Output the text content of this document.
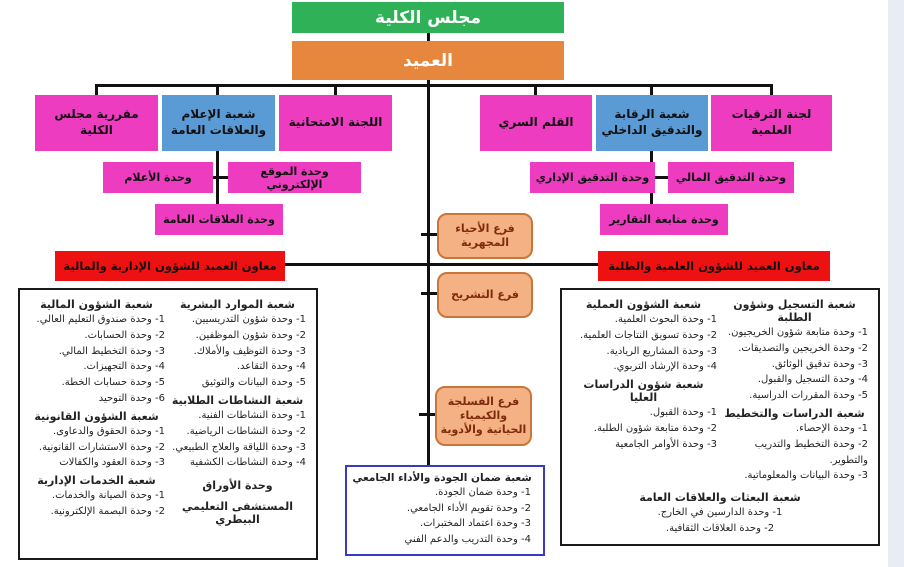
مجلس الكلية
العميد
مقررية مجلس الكلية
شعبة الإعلام والعلاقات العامة
اللجنة الامتحانية	القلم السري
شعبة الرقابة والتدقيق الداخلي
لجنة الترقيات العلمية
وحدة الأعلام	وحدة الموقع الإلكتروني
وحدة العلاقات العامة
وحدة التدقيق المالي
وحدة التدقيق الإداري
وحدة متابعة التقارير
معاون العميد للشؤون الإدارية والمالية	معاون العميد للشؤون العلمية والطلبة
فرع الأحياء المجهرية
فرع التشريح
فرع الفسلجة والكيمياء الحياتية والأدوية
شعبة الموارد البشرية
1- وحدة شؤون التدريسيين.
2- وحدة شؤون الموظفين.
3- وحدة التوظيف والأملاك.
4- وحدة التقاعد.
5- وحدة البيانات والتوثيق
شعبة النشاطات الطلابية
1- وحدة النشاطات الفنية.
2- وحدة النشاطات الرياضية.
3- وحدة اللياقة والعلاج الطبيعي.
4- وحدة النشاطات الكشفية
وحدة الأوراق
المستشفى التعليمي البيطري
شعبة الشؤون المالية
1- وحدة صندوق التعليم العالي.
2- وحدة الحسابات.
3- وحدة التخطيط المالي.
4- وحدة التجهيزات.
5- وحدة حسابات الخطة.
6- وحدة التوحيد
شعبة الشؤون القانونية
1- وحدة الحقوق والدعاوى.
2- وحدة الاستشارات القانونية.
3- وحدة العقود والكفالات
شعبة الخدمات الإدارية
1- وحدة الصيانة والخدمات.
2- وحدة البصمة الإلكترونية.
شعبة التسجيل وشؤون الطلبة
1- وحدة متابعة شؤون الخريجيون.
2- وحدة الخريجين والتصديقات.
3- وحدة تدقيق الوثائق.
4- وحدة التسجيل والقبول.
5- وحدة المقررات الدراسية.
شعبة الدراسات والتخطيط
1- وحدة الإحصاء.
2- وحدة التخطيط والتدريب والتطوير.
3- وحدة البيانات والمعلوماتية.
شعبة الشؤون العملية
1- وحدة البحوث العلمية.
2- وحدة تسويق النتاجات العلمية.
3- وحدة المشاريع الريادية.
4- وحدة الإرشاد التربوي.
شعبة شؤون الدراسات العليا
1- وحدة القبول.
2- وحدة متابعة شؤون الطلبة.
3- وحدة الأوامر الجامعية
شعبة البعثات والعلاقات العامة
1- وحدة الدارسين في الخارج.
2- وحدة العلاقات الثقافية.
شعبة ضمان الجودة والأداء الجامعي
1- وحدة ضمان الجودة.
2- وحدة تقويم الأداء الجامعي.
3- وحدة اعتماد المختبرات.
4- وحدة التدريب والدعم الفني
